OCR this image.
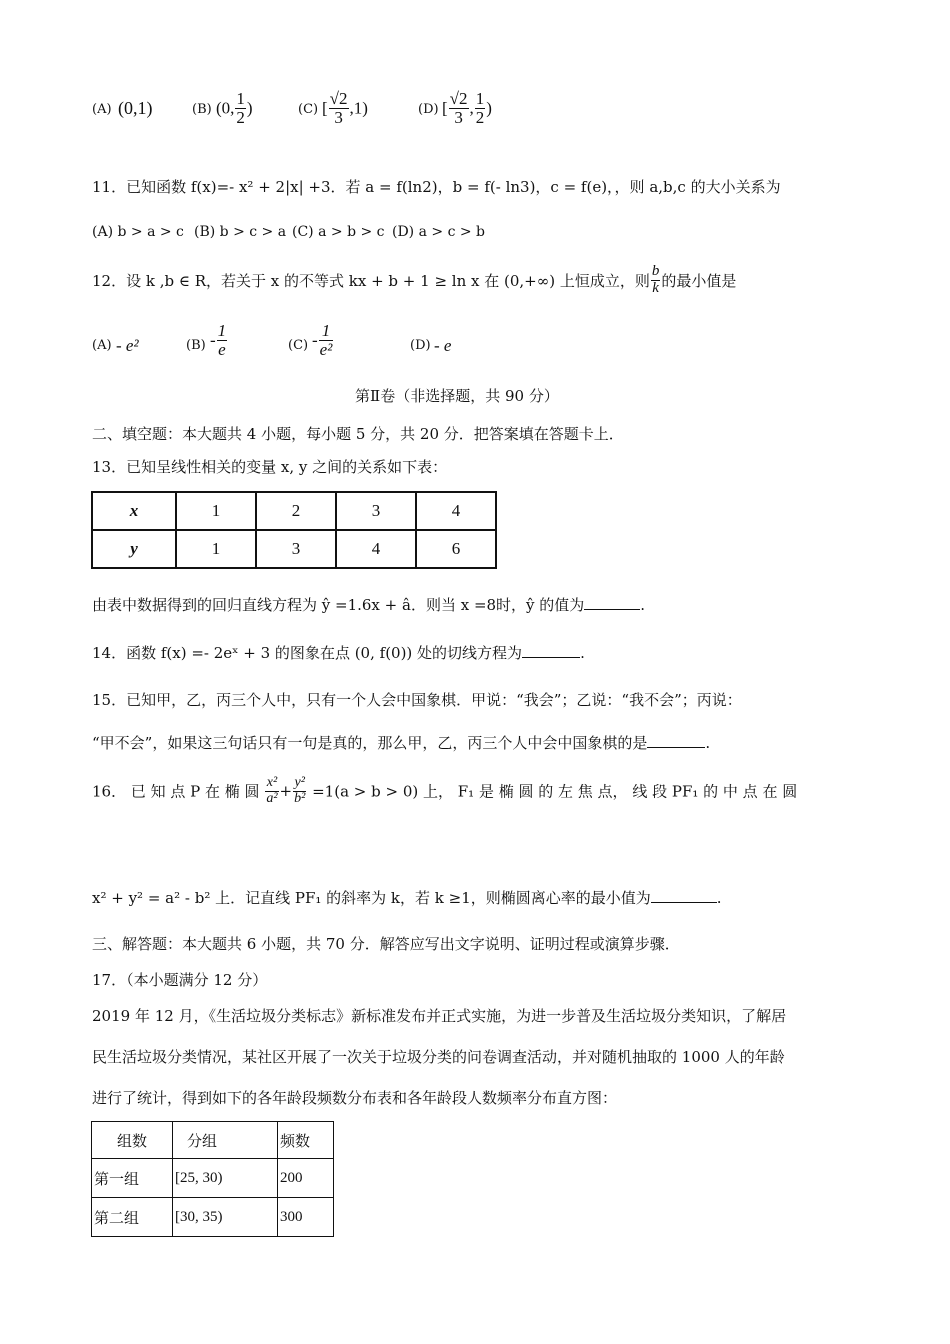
(A) (0,1)	(B) (0, $\frac{1}{2}$ )	(C) [ $\frac{√2}{3} ,1$)	(D) [ $\frac{√2}{3}$ , $\frac{1}{2}$ )
11．已知函数 f(x)=- x² + 2|x| +3．若 a = f(ln2)，b = f(- ln3)，c = f(e)，，则 a,b,c 的大小关系为
(A) b > a > c (B) b > c > a (C) a > b > c (D) a > c > b
12．设 k ,b ∈ R，若关于 x 的不等式 kx + b + 1 ≥ ln x 在 (0,+∞) 上恒成立，则 $\frac{b}{k}$ 的最小值是
(A) - e²	$(B) - \frac{1}{e}$	$(C) - \frac{1}{\text{e²}}$	(D) - e
第Ⅱ卷（非选择题，共 90 分）
二、填空题：本大题共 4 小题，每小题 5 分，共 20 分．把答案填在答题卡上．
13．已知呈线性相关的变量 x, y 之间的关系如下表：
x	1	2	3	4
y	1	3	4	6
由表中数据得到的回归直线方程为 ŷ =1.6x + â．则当 x =8时，ŷ 的值为	.
14．函数 f(x) =- 2eˣ + 3 的图象在点 (0, f(0)) 处的切线方程为	.
15．已知甲，乙，丙三个人中，只有一个人会中国象棋．甲说：“我会”；乙说：“我不会”；丙说：
“甲不会”，如果这三句话只有一句是真的，那么甲，乙，丙三个人中会中国象棋的是	.
16． 已 知 点 P 在 椭 圆 $\frac{\text{x²}}{\text{a²}} + \frac{\text{y²}}{\text{b²}} =1(a > b > 0)$ 上， F₁ 是 椭 圆 的 左 焦 点， 线 段 PF₁ 的 中 点 在 圆
x² + y² = a² - b² 上．记直线 PF₁ 的斜率为 k，若 k ≥1，则椭圆离心率的最小值为	.
三、解答题：本大题共 6 小题，共 70 分．解答应写出文字说明、证明过程或演算步骤．
17．（本小题满分 12 分）
2019 年 12 月，《生活垃圾分类标志》新标准发布并正式实施，为进一步普及生活垃圾分类知识，了解居
民生活垃圾分类情况，某社区开展了一次关于垃圾分类的问卷调查活动，并对随机抽取的 1000 人的年龄
进行了统计，得到如下的各年龄段频数分布表和各年龄段人数频率分布直方图：
组数	分组	频数
第一组	[25, 30)	200
第二组	[30, 35)	300
